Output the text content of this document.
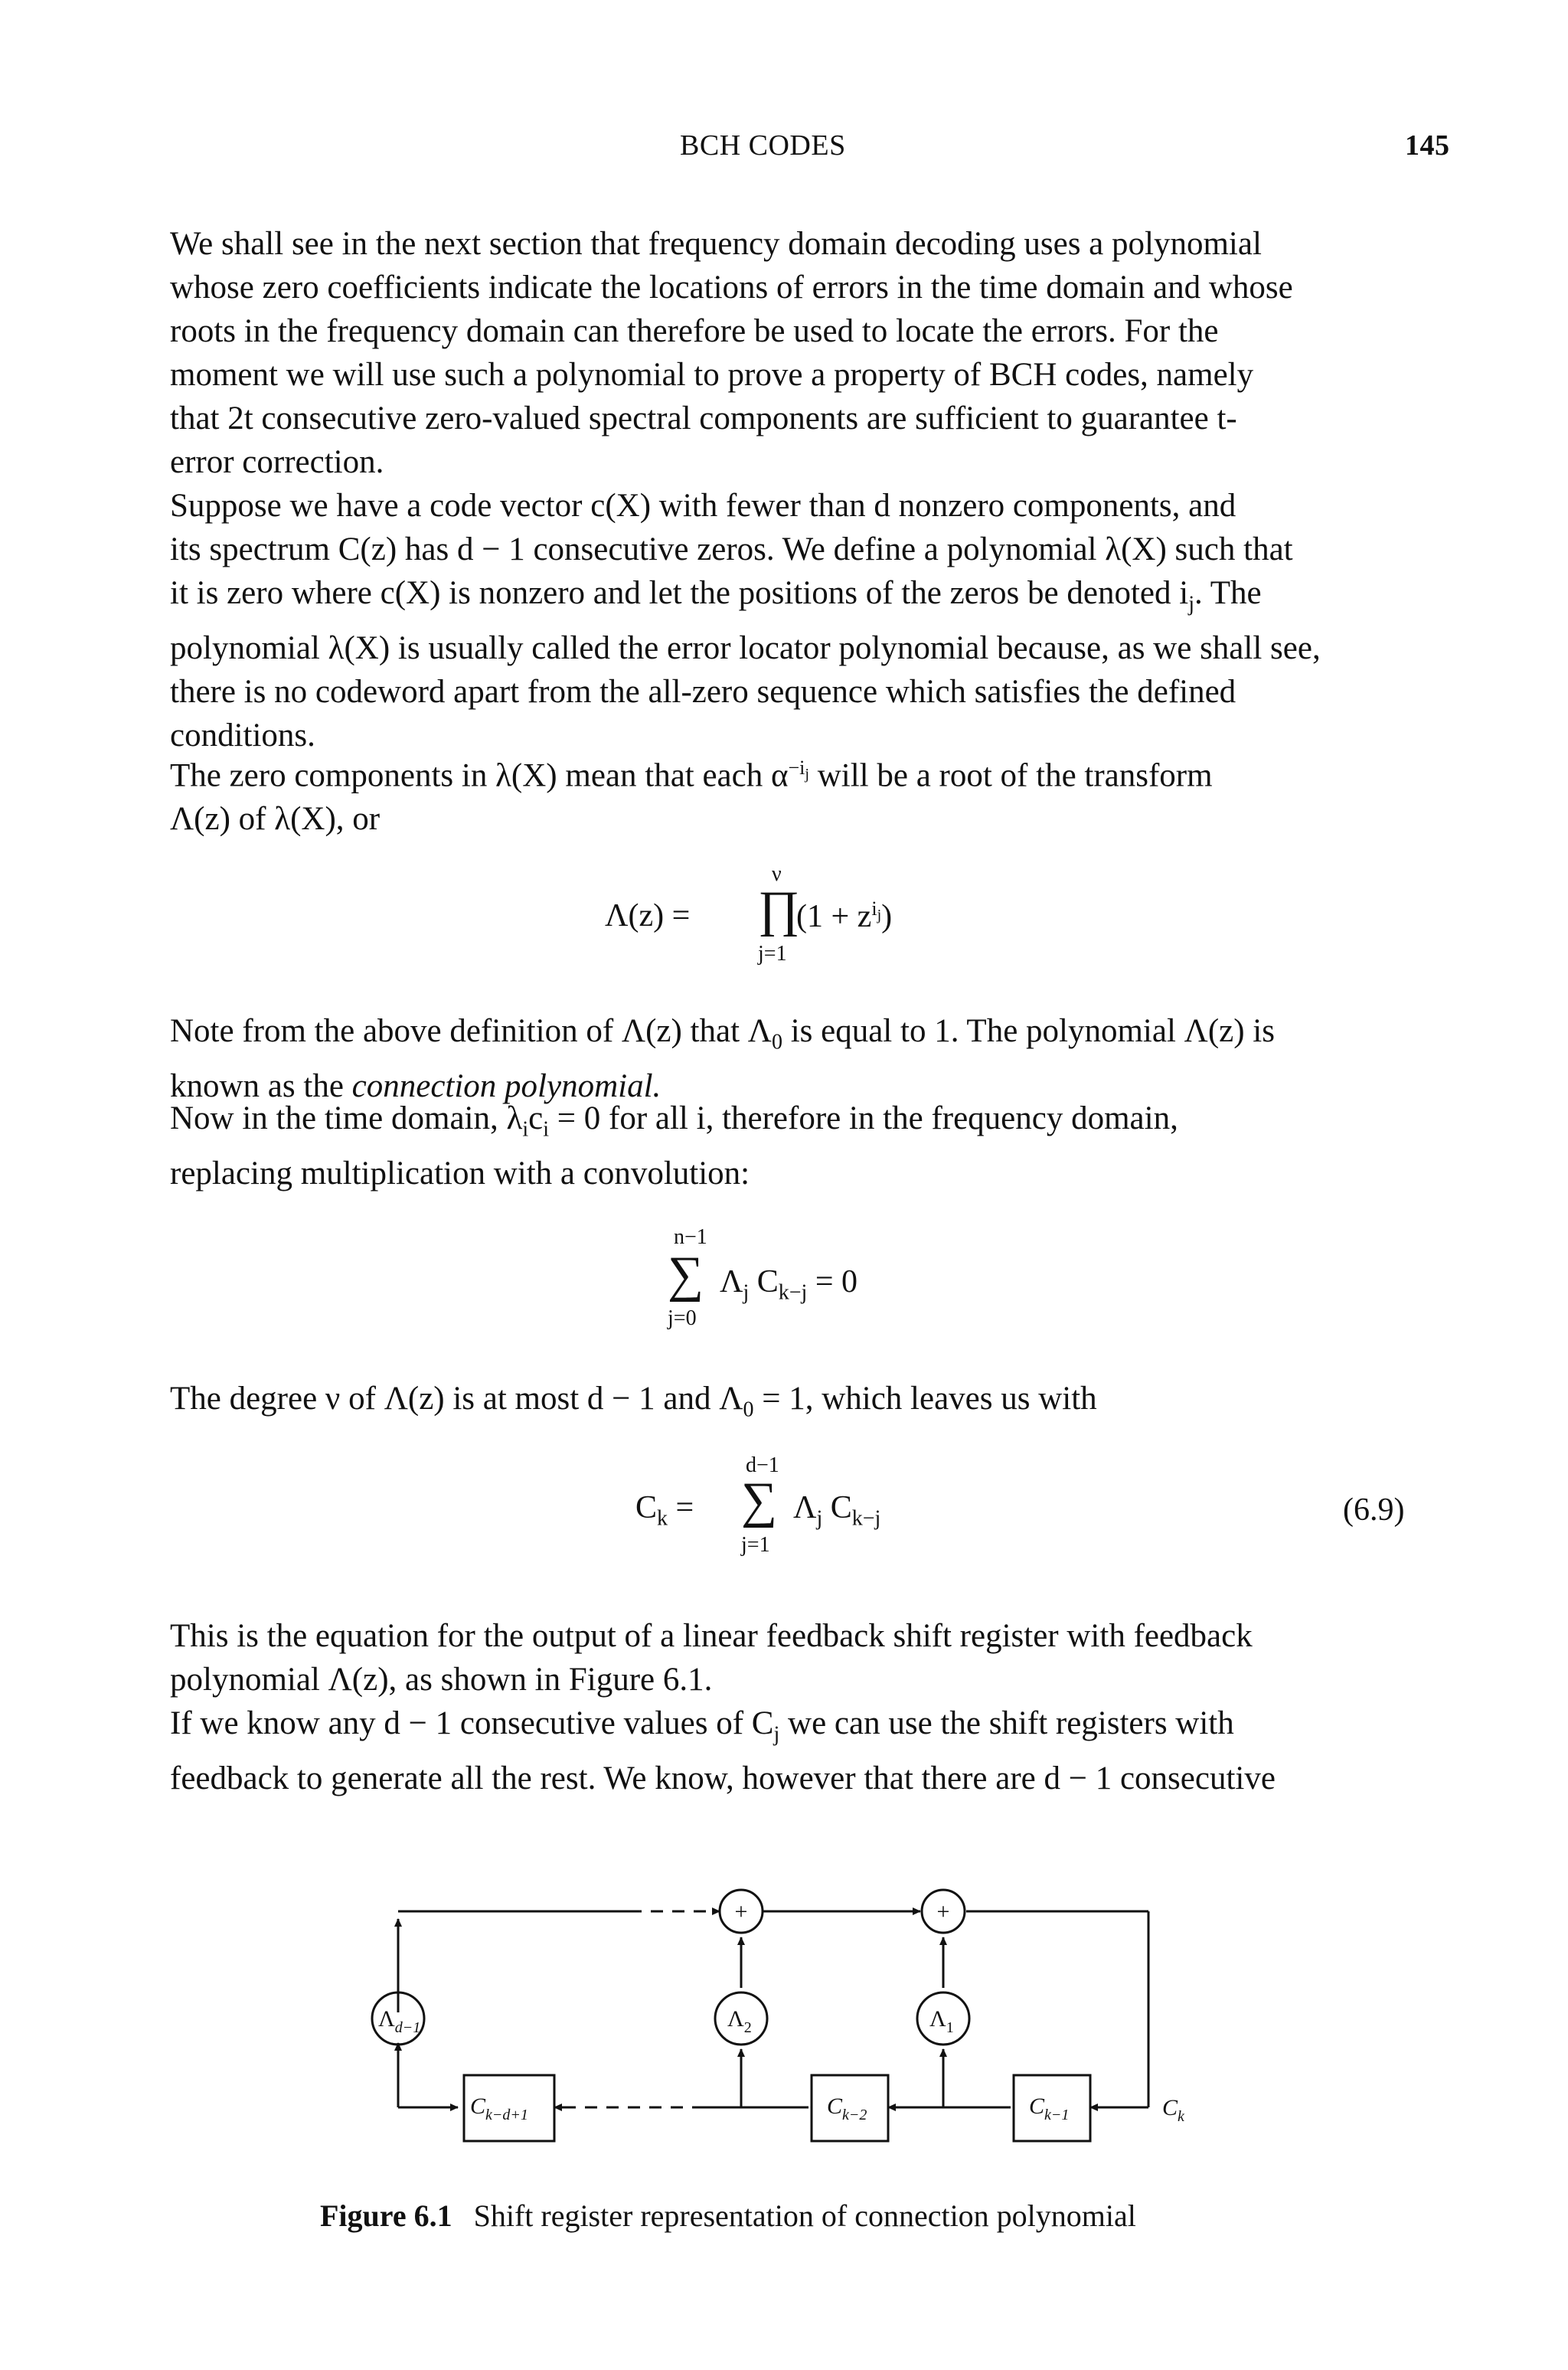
BCH CODES	145
We shall see in the next section that frequency domain decoding uses a polynomial
whose zero coefficients indicate the locations of errors in the time domain and whose
roots in the frequency domain can therefore be used to locate the errors. For the
moment we will use such a polynomial to prove a property of BCH codes, namely
that 2t consecutive zero-valued spectral components are sufficient to guarantee t-
error correction.
Suppose we have a code vector c(X) with fewer than d nonzero components, and
its spectrum C(z) has d − 1 consecutive zeros. We define a polynomial λ(X) such that
it is zero where c(X) is nonzero and let the positions of the zeros be denoted $i_j$. The
polynomial λ(X) is usually called the error locator polynomial because, as we shall see,
there is no codeword apart from the all-zero sequence which satisfies the defined
conditions.
The zero components in λ(X) mean that each $\alpha^{-i_j}$ will be a root of the transform
Λ(z) of λ(X), or
Λ(z) =
ν
∏
j=1
$(1 + z^{i_j})$
Note from the above definition of Λ(z) that $\Lambda_0$ is equal to 1. The polynomial Λ(z) is
known as the connection polynomial.
Now in the time domain, $\lambda_ic_i = 0$ for all i, therefore in the frequency domain,
replacing multiplication with a convolution:
n−1
∑
j=0
$\Lambda_j$ $C_{k-j} = 0$
The degree ν of Λ(z) is at most d − 1 and $\Lambda_0 = 1$, which leaves us with
$C_k$ =
d−1
∑
j=1
$\Lambda_j$ $C_{k-j}$	(6.9)
This is the equation for the output of a linear feedback shift register with feedback
polynomial Λ(z), as shown in Figure 6.1.
If we know any d − 1 consecutive values of $C_j$ we can use the shift registers with
feedback to generate all the rest. We know, however that there are d − 1 consecutive
+	+
$\Lambda_{d-1}$	$\Lambda_2$	$\Lambda_1$
$C_{k-d+1}$	$C_{k-2}$	$C_{k-1}$	$C_k$
Figure 6.1 Shift register representation of connection polynomial
